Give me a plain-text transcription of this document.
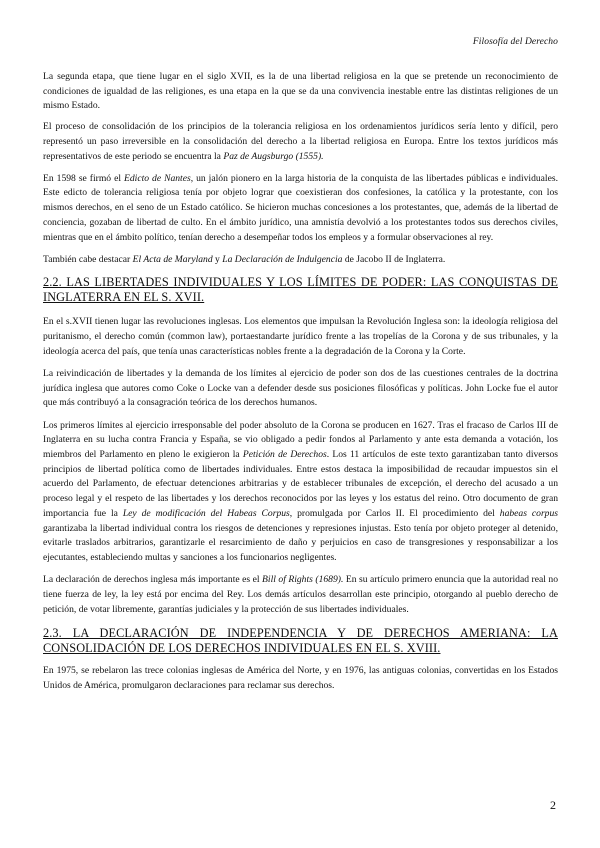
Filosofía del Derecho

La segunda etapa, que tiene lugar en el siglo XVII, es la de una libertad religiosa en la que se pretende un reconocimiento de condiciones de igualdad de las religiones, es una etapa en la que se da una convivencia inestable entre las distintas religiones de un mismo Estado.

El proceso de consolidación de los principios de la tolerancia religiosa en los ordenamientos jurídicos sería lento y difícil, pero representó un paso irreversible en la consolidación del derecho a la libertad religiosa en Europa. Entre los textos jurídicos más representativos de este periodo se encuentra la Paz de Augsburgo (1555).

En 1598 se firmó el Edicto de Nantes, un jalón pionero en la larga historia de la conquista de las libertades públicas e individuales. Este edicto de tolerancia religiosa tenía por objeto lograr que coexistieran dos confesiones, la católica y la protestante, con los mismos derechos, en el seno de un Estado católico. Se hicieron muchas concesiones a los protestantes, que, además de la libertad de conciencia, gozaban de libertad de culto. En el ámbito jurídico, una amnistía devolvió a los protestantes todos sus derechos civiles, mientras que en el ámbito político, tenían derecho a desempeñar todos los empleos y a formular observaciones al rey.

También cabe destacar El Acta de Maryland y La Declaración de Indulgencia de Jacobo II de Inglaterra.

2.2. LAS LIBERTADES INDIVIDUALES Y LOS LÍMITES DE PODER: LAS CONQUISTAS DE INGLATERRA EN EL S. XVII.

En el s.XVII tienen lugar las revoluciones inglesas. Los elementos que impulsan la Revolución Inglesa son: la ideología religiosa del puritanismo, el derecho común (common law), portaestandarte jurídico frente a las tropelías de la Corona y de sus tribunales, y la ideología acerca del país, que tenía unas características nobles frente a la degradación de la Corona y la Corte.

La reivindicación de libertades y la demanda de los límites al ejercicio de poder son dos de las cuestiones centrales de la doctrina jurídica inglesa que autores como Coke o Locke van a defender desde sus posiciones filosóficas y políticas. John Locke fue el autor que más contribuyó a la consagración teórica de los derechos humanos.

Los primeros límites al ejercicio irresponsable del poder absoluto de la Corona se producen en 1627. Tras el fracaso de Carlos III de Inglaterra en su lucha contra Francia y España, se vio obligado a pedir fondos al Parlamento y ante esta demanda a votación, los miembros del Parlamento en pleno le exigieron la Petición de Derechos. Los 11 artículos de este texto garantizaban tanto diversos principios de libertad política como de libertades individuales. Entre estos destaca la imposibilidad de recaudar impuestos sin el acuerdo del Parlamento, de efectuar detenciones arbitrarias y de establecer tribunales de excepción, el derecho del acusado a un proceso legal y el respeto de las libertades y los derechos reconocidos por las leyes y los estatus del reino. Otro documento de gran importancia fue la Ley de modificación del Habeas Corpus, promulgada por Carlos II. El procedimiento del habeas corpus garantizaba la libertad individual contra los riesgos de detenciones y represiones injustas. Esto tenía por objeto proteger al detenido, evitarle traslados arbitrarios, garantizarle el resarcimiento de daño y perjuicios en caso de transgresiones y responsabilizar a los ejecutantes, estableciendo multas y sanciones a los funcionarios negligentes.

La declaración de derechos inglesa más importante es el Bill of Rights (1689). En su artículo primero enuncia que la autoridad real no tiene fuerza de ley, la ley está por encima del Rey. Los demás artículos desarrollan este principio, otorgando al pueblo derecho de petición, de votar libremente, garantías judiciales y la protección de sus libertades individuales.

2.3. LA DECLARACIÓN DE INDEPENDENCIA Y DE DERECHOS AMERIANA: LA CONSOLIDACIÓN DE LOS DERECHOS INDIVIDUALES EN EL S. XVIII.

En 1975, se rebelaron las trece colonias inglesas de América del Norte, y en 1976, las antiguas colonias, convertidas en los Estados Unidos de América, promulgaron declaraciones para reclamar sus derechos.

2
